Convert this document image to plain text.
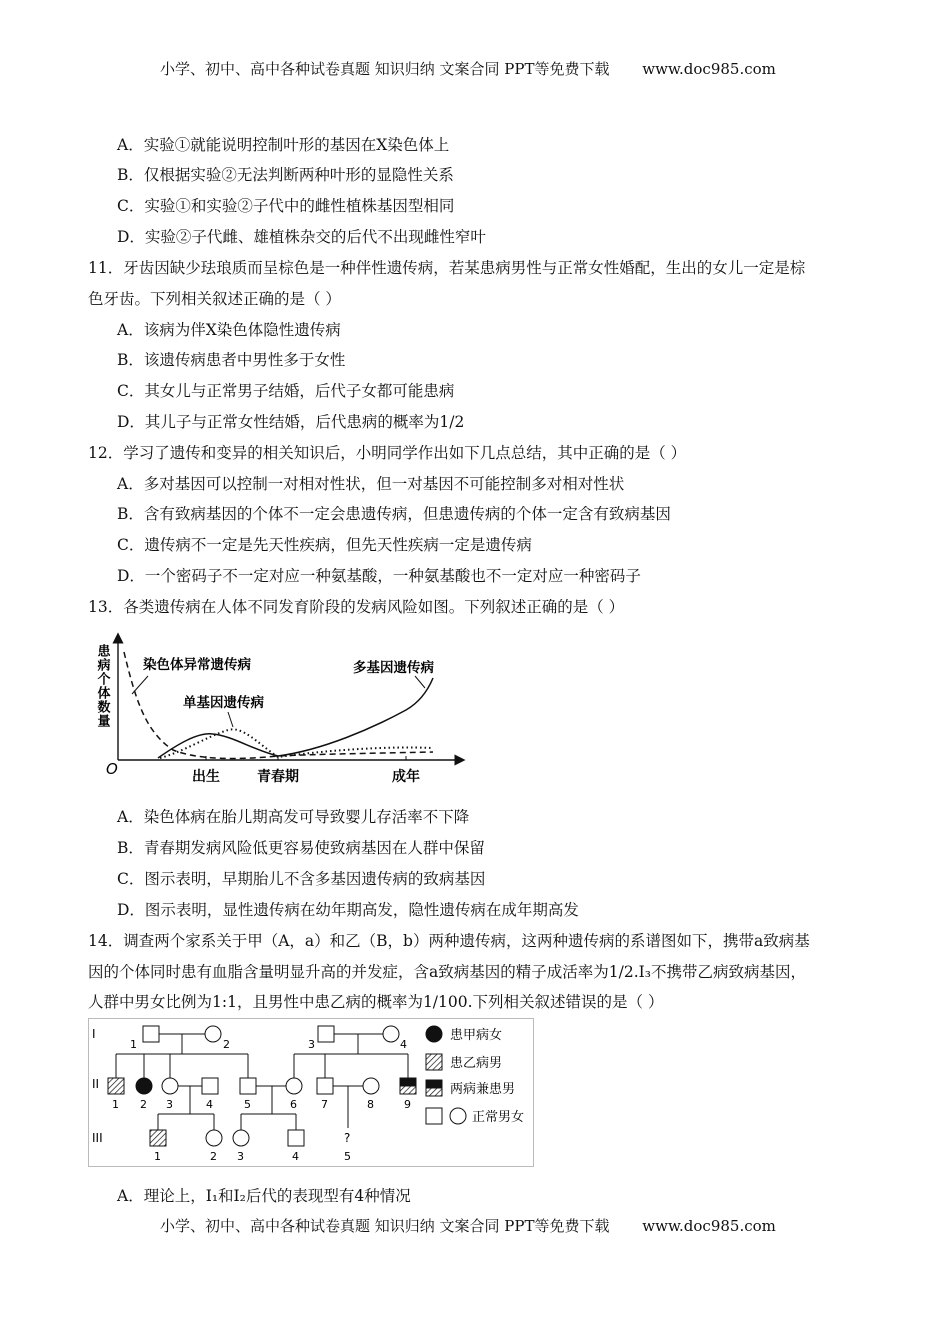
小学、初中、高中各种试卷真题 知识归纳 文案合同 PPT等免费下载 www.doc985.com
A．实验①就能说明控制叶形的基因在X染色体上
B．仅根据实验②无法判断两种叶形的显隐性关系
C．实验①和实验②子代中的雌性植株基因型相同
D．实验②子代雌、雄植株杂交的后代不出现雌性窄叶
11．牙齿因缺少珐琅质而呈棕色是一种伴性遗传病，若某患病男性与正常女性婚配，生出的女儿一定是棕
色牙齿。下列相关叙述正确的是（ ）
A．该病为伴X染色体隐性遗传病
B．该遗传病患者中男性多于女性
C．其女儿与正常男子结婚，后代子女都可能患病
D．其儿子与正常女性结婚，后代患病的概率为1/2
12．学习了遗传和变异的相关知识后，小明同学作出如下几点总结，其中正确的是（ ）
A．多对基因可以控制一对相对性状，但一对基因不可能控制多对相对性状
B．含有致病基因的个体不一定会患遗传病，但患遗传病的个体一定含有致病基因
C．遗传病不一定是先天性疾病，但先天性疾病一定是遗传病
D．一个密码子不一定对应一种氨基酸，一种氨基酸也不一定对应一种密码子
13．各类遗传病在人体不同发育阶段的发病风险如图。下列叙述正确的是（ ）
患病个体数量
O	出生	青春期	成年
染色体异常遗传病	多基因遗传病
单基因遗传病
A．染色体病在胎儿期高发可导致婴儿存活率不下降
B．青春期发病风险低更容易使致病基因在人群中保留
C．图示表明，早期胎儿不含多基因遗传病的致病基因
D．图示表明，显性遗传病在幼年期高发，隐性遗传病在成年期高发
14．调查两个家系关于甲（A，a）和乙（B，b）两种遗传病，这两种遗传病的系谱图如下，携带a致病基
因的个体同时患有血脂含量明显升高的并发症，含a致病基因的精子成活率为1/2.I₃不携带乙病致病基因，
人群中男女比例为1:1，且男性中患乙病的概率为1/100.下列相关叙述错误的是（ ）
I
II
III
1	2	3	4
1 2 3	4	5	6 7	8	9
?
1	2 3	4	5
患甲病女
患乙病男
两病兼患男
正常男女
A．理论上，Ⅰ₁和Ⅰ₂后代的表现型有4种情况
小学、初中、高中各种试卷真题 知识归纳 文案合同 PPT等免费下载 www.doc985.com
